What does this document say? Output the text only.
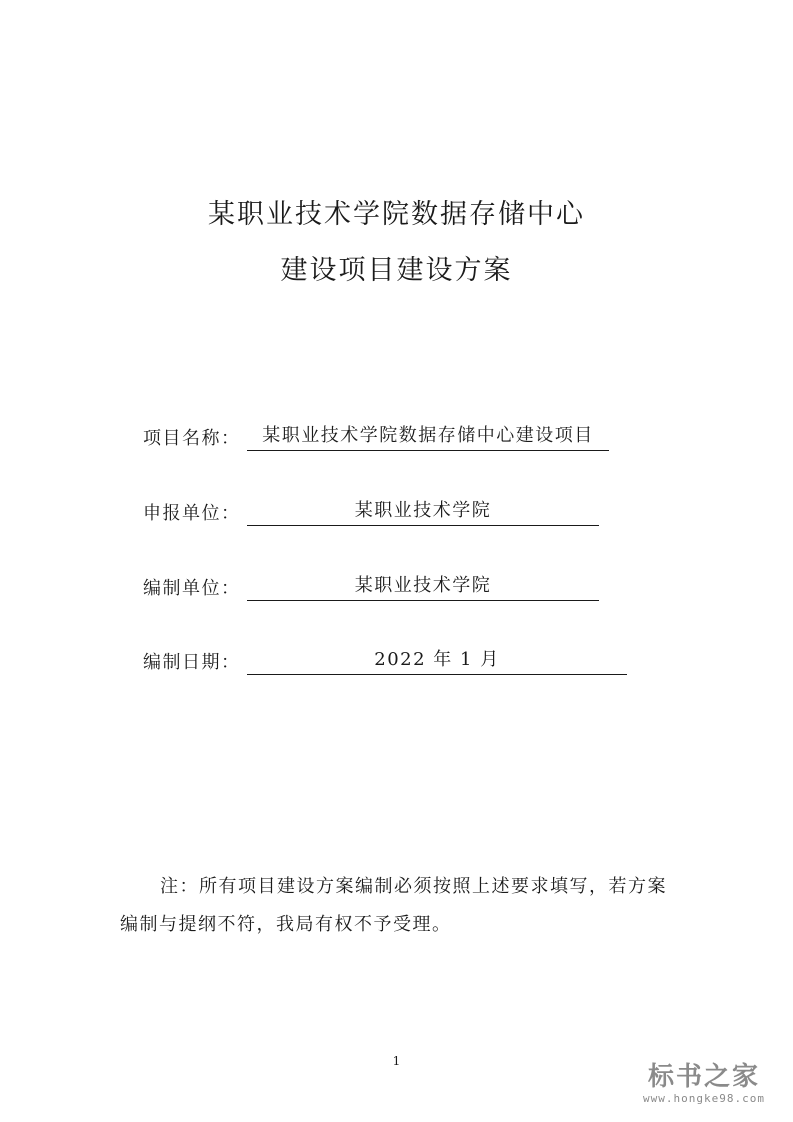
某职业技术学院数据存储中心
建设项目建设方案
项目名称：	某职业技术学院数据存储中心建设项目
申报单位：	某职业技术学院
编制单位：	某职业技术学院
编制日期：	2022 年 1 月
注：所有项目建设方案编制必须按照上述要求填写，若方案
编制与提纲不符，我局有权不予受理。
1
标书之家
www.hongke98.com
